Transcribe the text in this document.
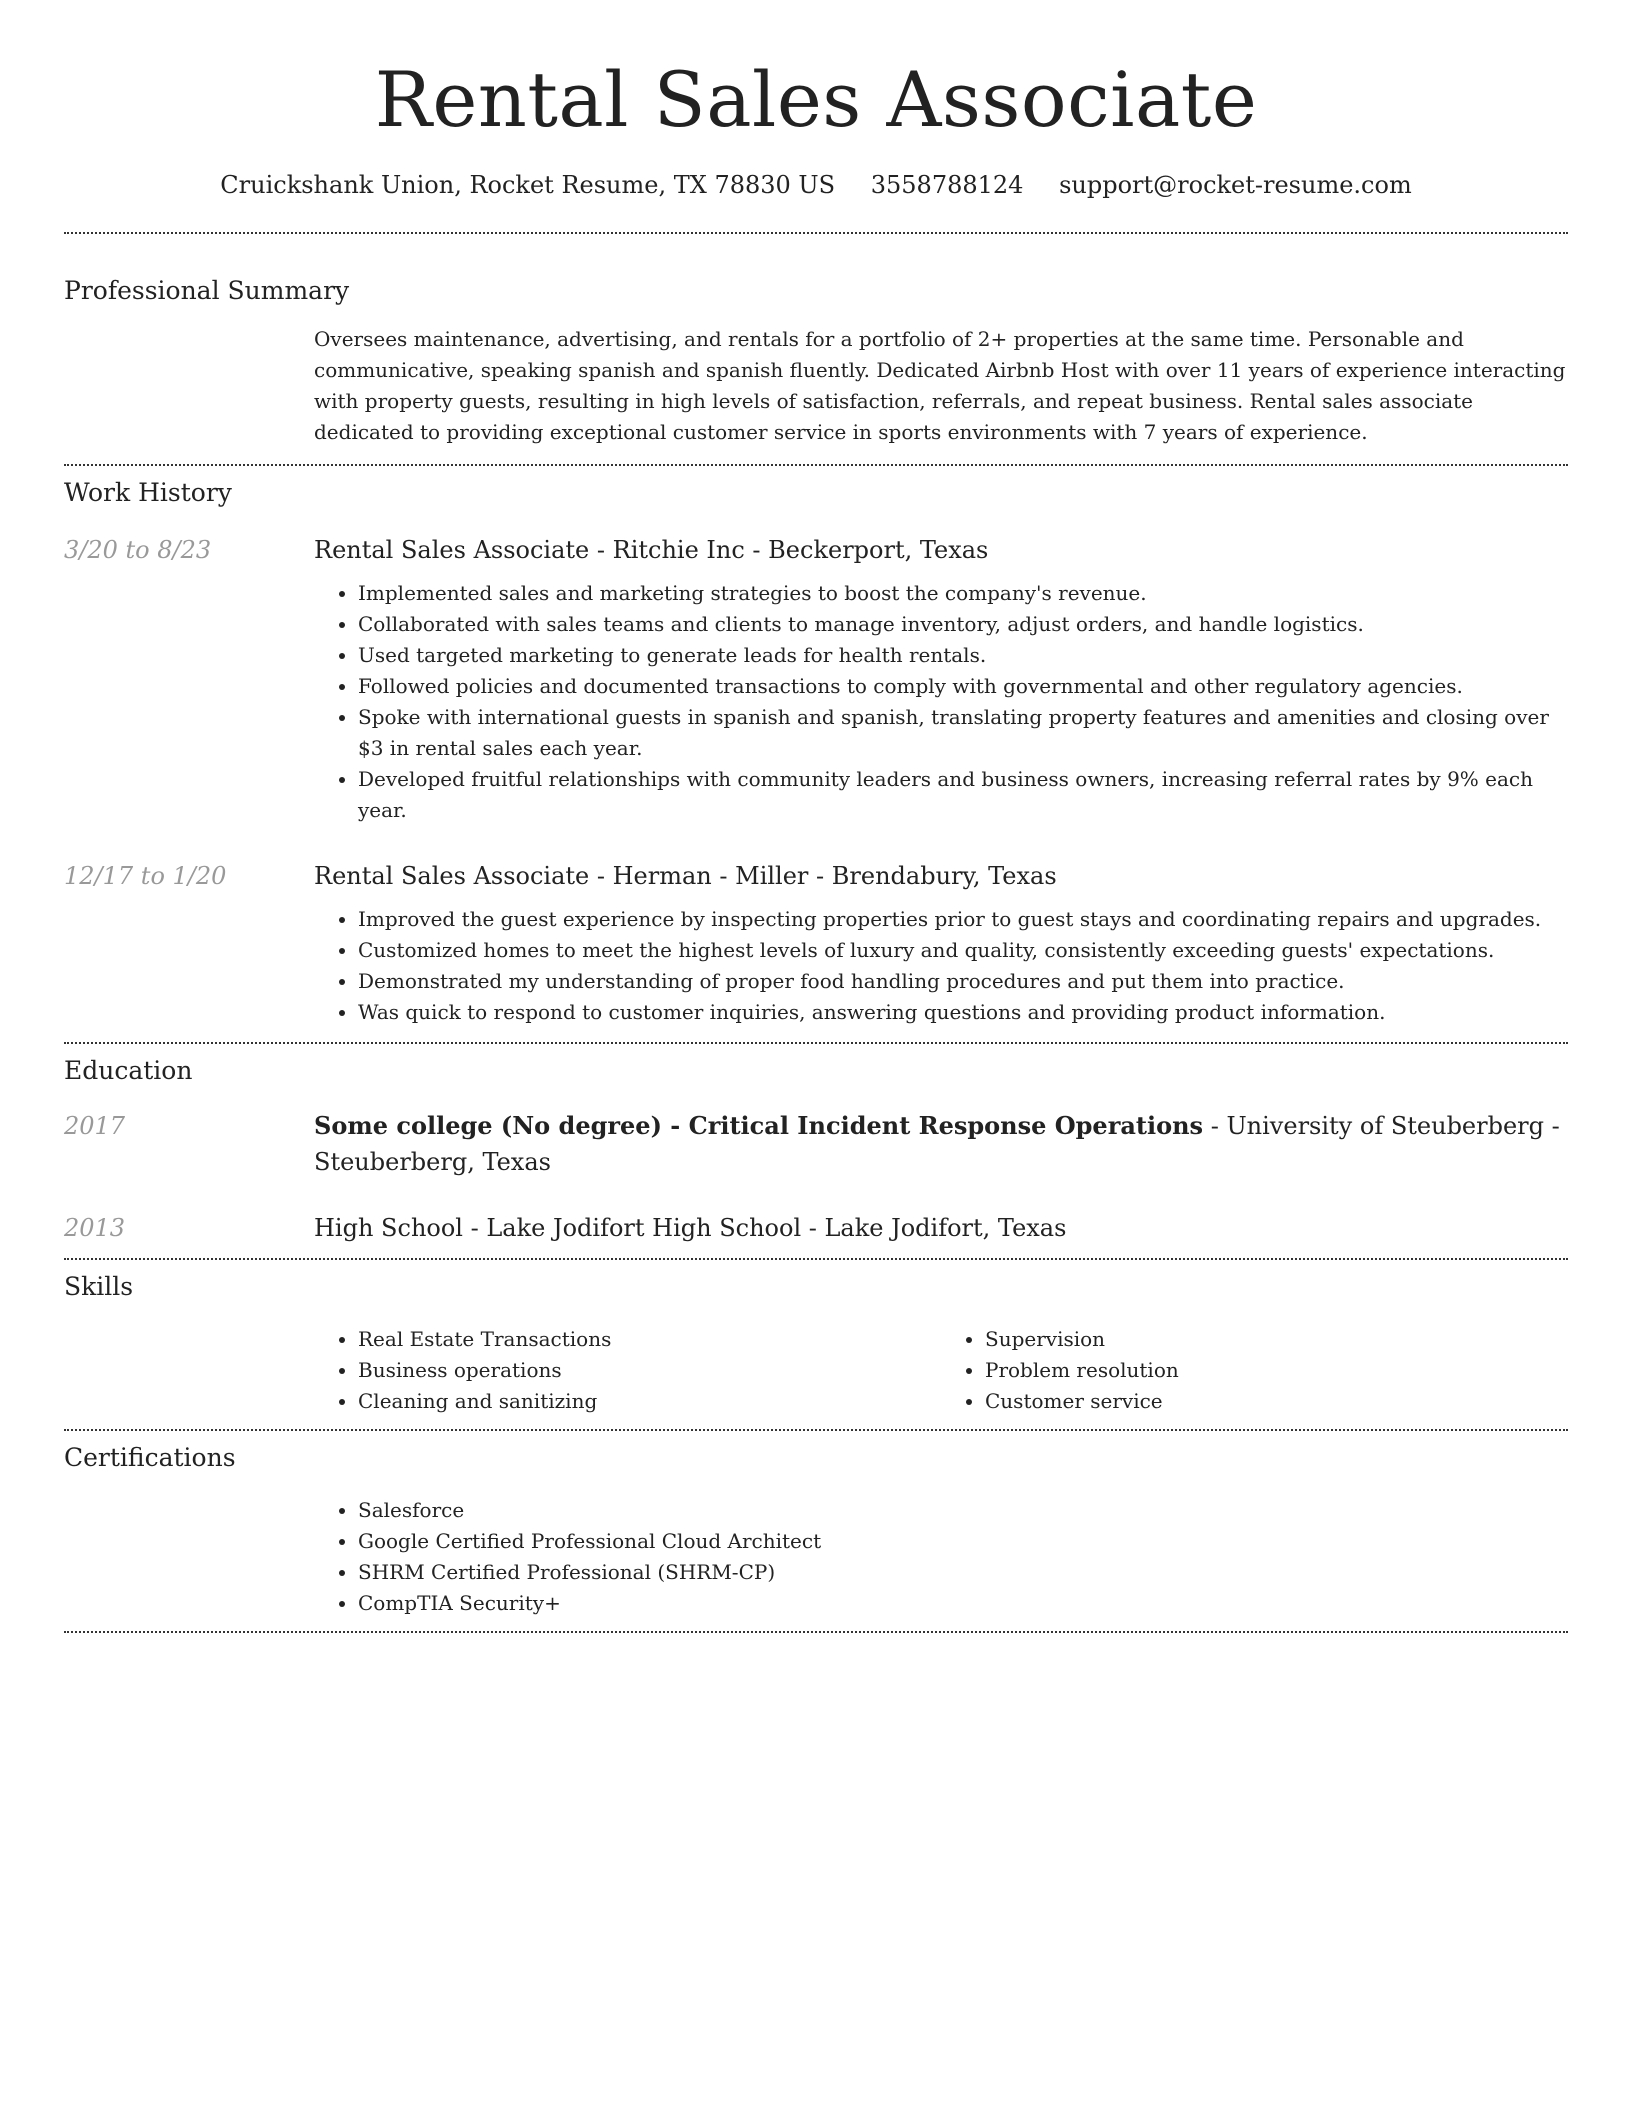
Rental Sales Associate
Cruickshank Union, Rocket Resume, TX 78830 US 3558788124 support@rocket-resume.com
Professional Summary
Oversees maintenance, advertising, and rentals for a portfolio of 2+ properties at the same time. Personable and communicative, speaking spanish and spanish fluently. Dedicated Airbnb Host with over 11 years of experience interacting with property guests, resulting in high levels of satisfaction, referrals, and repeat business. Rental sales associate dedicated to providing exceptional customer service in sports environments with 7 years of experience.
Work History
3/20 to 8/23	Rental Sales Associate - Ritchie Inc - Beckerport, Texas
• Implemented sales and marketing strategies to boost the company's revenue.
• Collaborated with sales teams and clients to manage inventory, adjust orders, and handle logistics.
• Used targeted marketing to generate leads for health rentals.
• Followed policies and documented transactions to comply with governmental and other regulatory agencies.
• Spoke with international guests in spanish and spanish, translating property features and amenities and closing over $3 in rental sales each year.
• Developed fruitful relationships with community leaders and business owners, increasing referral rates by 9% each year.
12/17 to 1/20	Rental Sales Associate - Herman - Miller - Brendabury, Texas
• Improved the guest experience by inspecting properties prior to guest stays and coordinating repairs and upgrades.
• Customized homes to meet the highest levels of luxury and quality, consistently exceeding guests' expectations.
• Demonstrated my understanding of proper food handling procedures and put them into practice.
• Was quick to respond to customer inquiries, answering questions and providing product information.
Education
2017	Some college (No degree) - Critical Incident Response Operations - University of Steuberberg - Steuberberg, Texas
2013	High School - Lake Jodifort High School - Lake Jodifort, Texas
Skills
• Real Estate Transactions
• Business operations
• Cleaning and sanitizing
• Supervision
• Problem resolution
• Customer service
Certifications
• Salesforce
• Google Certified Professional Cloud Architect
• SHRM Certified Professional (SHRM-CP)
• CompTIA Security+
